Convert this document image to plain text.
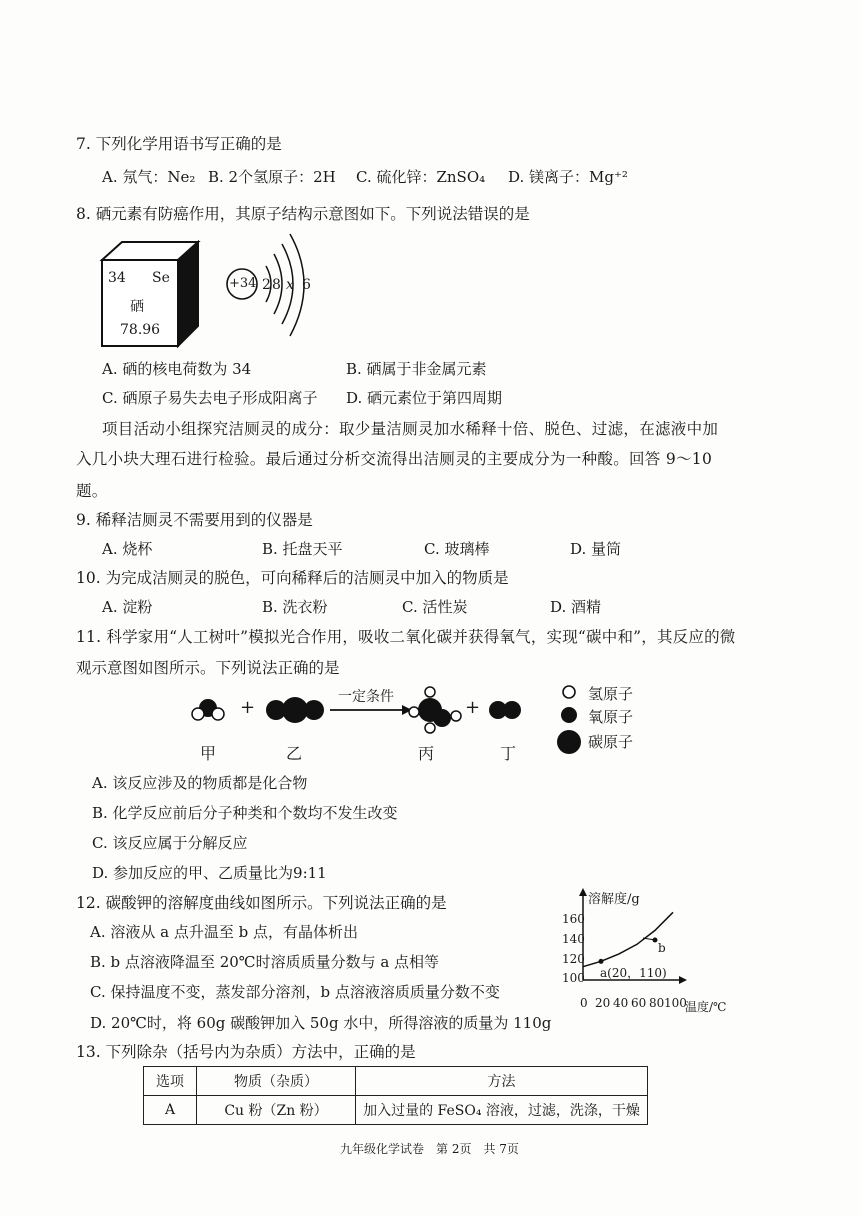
7. 下列化学用语书写正确的是
A. 氖气：Ne₂ B. 2个氢原子：2H C. 硫化锌：ZnSO₄ D. 镁离子：Mg⁺²
8. 硒元素有防癌作用，其原子结构示意图如下。下列说法错误的是
34 Se
硒
78.96
+34 2 8 x 6
A. 硒的核电荷数为 34	B. 硒属于非金属元素
C. 硒原子易失去电子形成阳离子 D. 硒元素位于第四周期
项目活动小组探究洁厕灵的成分：取少量洁厕灵加水稀释十倍、脱色、过滤，在滤液中加
入几小块大理石进行检验。最后通过分析交流得出洁厕灵的主要成分为一种酸。回答 9～10
题。
9. 稀释洁厕灵不需要用到的仪器是
A. 烧杯	B. 托盘天平	C. 玻璃棒	D. 量筒
10. 为完成洁厕灵的脱色，可向稀释后的洁厕灵中加入的物质是
A. 淀粉	B. 洗衣粉	C. 活性炭	D. 酒精
11. 科学家用“人工树叶”模拟光合作用，吸收二氧化碳并获得氧气，实现“碳中和”，其反应的微
观示意图如图所示。下列说法正确的是
一定条件
+	+
甲	乙	丙	丁
氢原子
氧原子
碳原子
A. 该反应涉及的物质都是化合物
B. 化学反应前后分子种类和个数均不发生改变
C. 该反应属于分解反应
D. 参加反应的甲、乙质量比为9:11
12. 碳酸钾的溶解度曲线如图所示。下列说法正确的是
A. 溶液从 a 点升温至 b 点，有晶体析出
B. b 点溶液降温至 20℃时溶质质量分数与 a 点相等
C. 保持温度不变，蒸发部分溶剂，b 点溶液溶质质量分数不变
D. 20℃时，将 60g 碳酸钾加入 50g 水中，所得溶液的质量为 110g
溶解度/g
160
140
120
100
0 20 40 60 80 100
温度/℃
a(20，110)
b
13. 下列除杂（括号内为杂质）方法中，正确的是
选项	物质（杂质）	方法
A	Cu 粉（Zn 粉）	加入过量的 FeSO₄ 溶液，过滤，洗涤，干燥
九年级化学试卷　第 2页　共 7页
